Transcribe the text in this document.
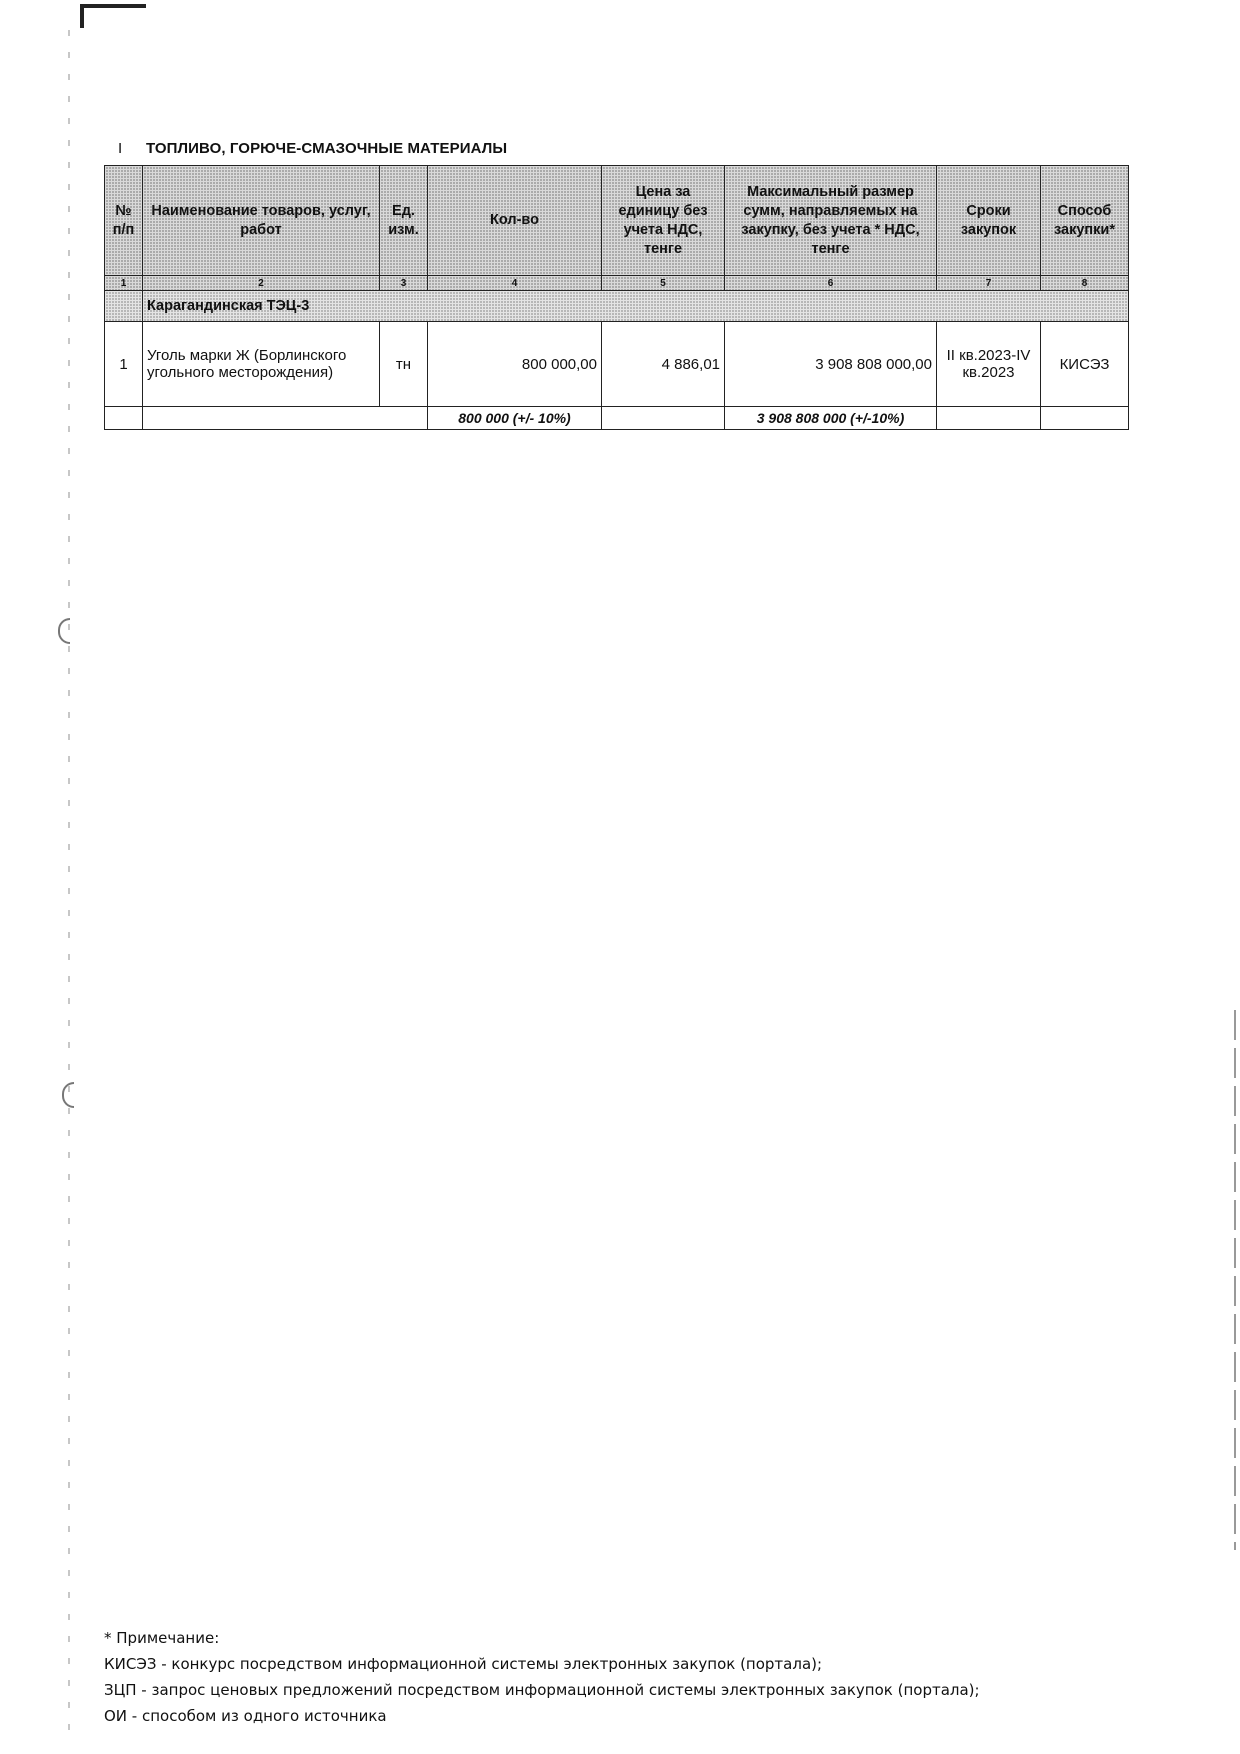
I ТОПЛИВО, ГОРЮЧЕ-СМАЗОЧНЫЕ МАТЕРИАЛЫ
№ п/п	Наименование товаров, услуг, работ	Ед. изм.	Кол-во	Цена за единицу без учета НДС, тенге	Максимальный размер сумм, направляемых на закупку, без учета * НДС, тенге	Сроки закупок	Способ закупки*
1	2	3	4	5	6	7	8
	Карагандинская ТЭЦ-3						
1	Уголь марки Ж (Борлинского угольного месторождения)	тн	800 000,00	4 886,01	3 908 808 000,00	II кв.2023-IV кв.2023	КИСЭЗ
			800 000 (+/- 10%)		3 908 808 000 (+/-10%)		
* Примечание:
КИСЭЗ - конкурс посредством информационной системы электронных закупок (портала);
ЗЦП - запрос ценовых предложений посредством информационной системы электронных закупок (портала);
ОИ - способом из одного источника
